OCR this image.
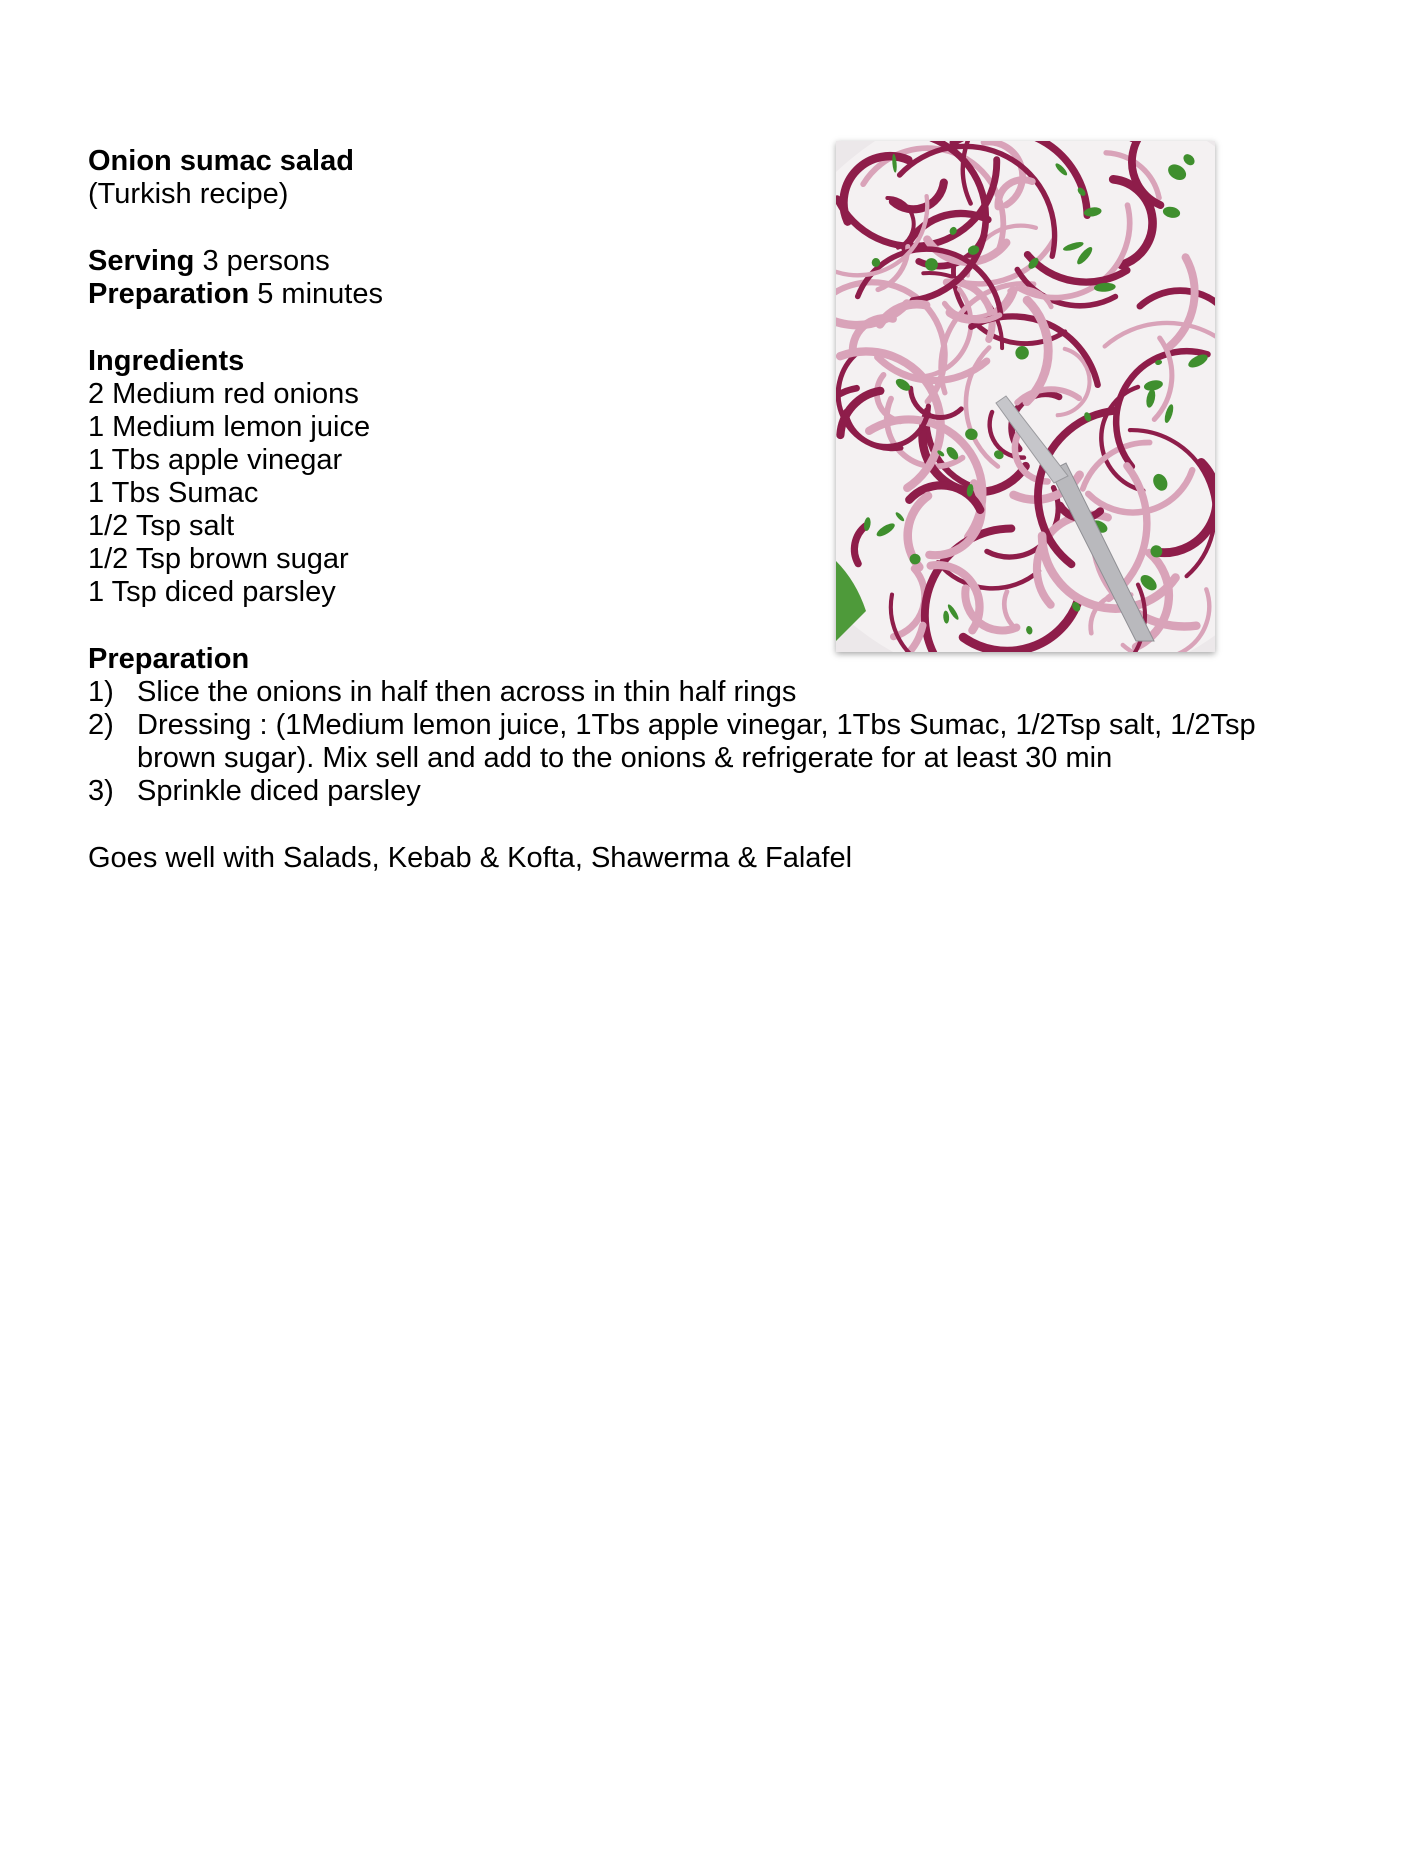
Onion sumac salad
(Turkish recipe)
Serving 3 persons
Preparation 5 minutes
Ingredients
2 Medium red onions
1 Medium lemon juice
1 Tbs apple vinegar
1 Tbs Sumac
1/2 Tsp salt
1/2 Tsp brown sugar
1 Tsp diced parsley
Preparation
1) Slice the onions in half then across in thin half rings
2) Dressing : (1Medium lemon juice, 1Tbs apple vinegar, 1Tbs Sumac, 1/2Tsp salt, 1/2Tsp brown sugar). Mix sell and add to the onions & refrigerate for at least 30 min
3) Sprinkle diced parsley
Goes well with Salads, Kebab & Kofta, Shawerma & Falafel
